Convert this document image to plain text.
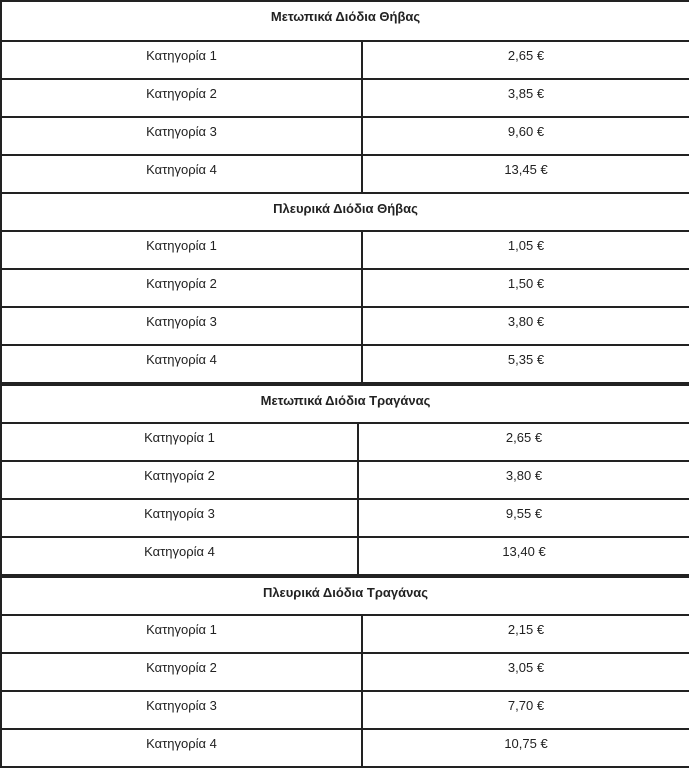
Μετωπικά Διόδια Θήβας	
Κατηγορία 1	2,65 €
Κατηγορία 2	3,85 €
Κατηγορία 3	9,60 €
Κατηγορία 4	13,45 €
Πλευρικά Διόδια Θήβας	
Κατηγορία 1	1,05 €
Κατηγορία 2	1,50 €
Κατηγορία 3	3,80 €
Κατηγορία 4	5,35 €
Μετωπικά Διόδια Τραγάνας	
Κατηγορία 1	2,65 €
Κατηγορία 2	3,80 €
Κατηγορία 3	9,55 €
Κατηγορία 4	13,40 €
Πλευρικά Διόδια Τραγάνας	
Κατηγορία 1	2,15 €
Κατηγορία 2	3,05 €
Κατηγορία 3	7,70 €
Κατηγορία 4	10,75 €
